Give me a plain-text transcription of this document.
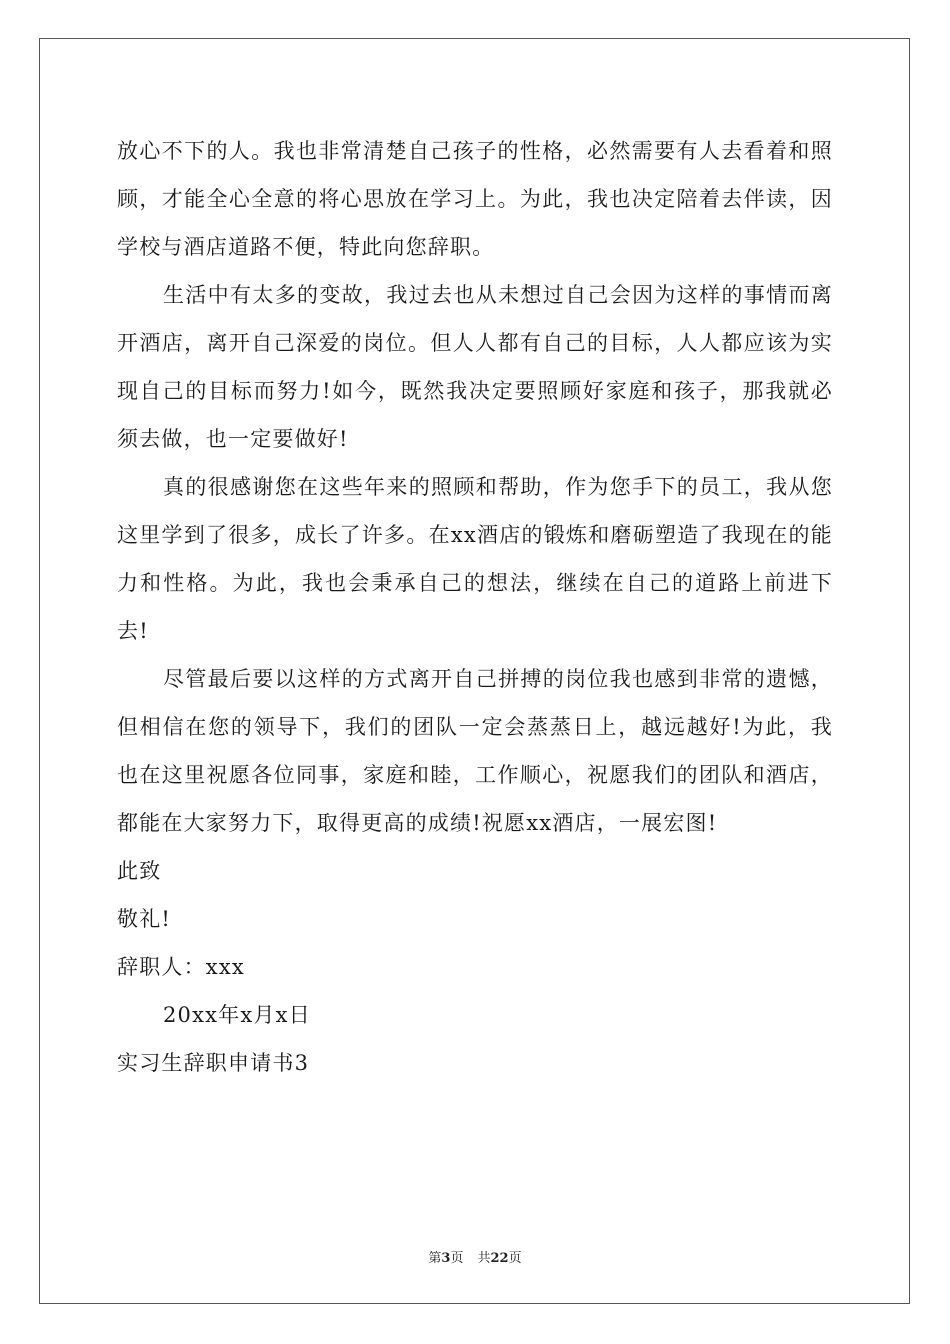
放心不下的人。我也非常清楚自己孩子的性格，必然需要有人去看着和照顾，才能全心全意的将心思放在学习上。为此，我也决定陪着去伴读，因学校与酒店道路不便，特此向您辞职。

生活中有太多的变故，我过去也从未想过自己会因为这样的事情而离开酒店，离开自己深爱的岗位。但人人都有自己的目标，人人都应该为实现自己的目标而努力!如今，既然我决定要照顾好家庭和孩子，那我就必须去做，也一定要做好!

真的很感谢您在这些年来的照顾和帮助，作为您手下的员工，我从您这里学到了很多，成长了许多。在xx酒店的锻炼和磨砺塑造了我现在的能力和性格。为此，我也会秉承自己的想法，继续在自己的道路上前进下去!

尽管最后要以这样的方式离开自己拼搏的岗位我也感到非常的遗憾，但相信在您的领导下，我们的团队一定会蒸蒸日上，越远越好!为此，我也在这里祝愿各位同事，家庭和睦，工作顺心，祝愿我们的团队和酒店，都能在大家努力下，取得更高的成绩!祝愿xx酒店，一展宏图!

此致

敬礼!

辞职人：xxx

20xx年x月x日

实习生辞职申请书3

第3页 共22页
